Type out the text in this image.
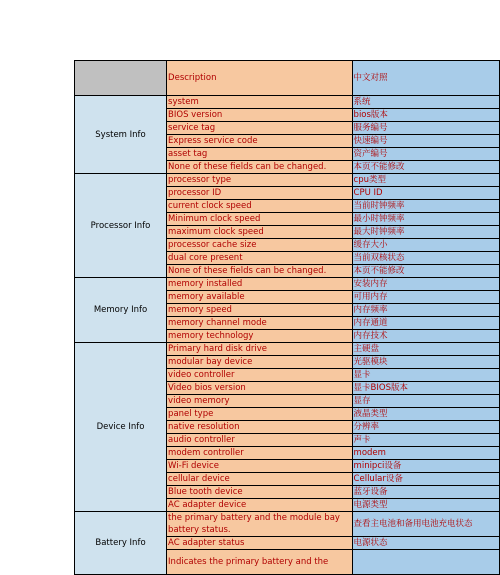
	Description	中文对照
System Info	system	系统
	BIOS version	bios版本
	service tag	服务编号
	Express service code	快速编号
	asset tag	资产编号
	None of these fields can be changed.	本页不能修改
Processor Info	processor type	cpu类型
	processor ID	CPU ID
	current clock speed	当前时钟频率
	Minimum clock speed	最小时钟频率
	maximum clock speed	最大时钟频率
	processor cache size	缓存大小
	dual core present	当前双核状态
	None of these fields can be changed.	本页不能修改
Memory Info	memory installed	安装内存
	memory available	可用内存
	memory speed	内存频率
	memory channel mode	内存通道
	memory technology	内存技术
Device Info	Primary hard disk drive	主硬盘
	modular bay device	光驱模块
	video controller	显卡
	Video bios version	显卡BIOS版本
	video memory	显存
	panel type	液晶类型
	native resolution	分辨率
	audio controller	声卡
	modem controller	modem
	Wi-Fi device	minipci设备
	cellular device	Cellular设备
	Blue tooth device	蓝牙设备
	AC adapter device	电源类型
Battery Info	the primary battery and the module bay battery status.	查看主电池和备用电池充电状态
	AC adapter status	电源状态
	Indicates the primary battery and the	
